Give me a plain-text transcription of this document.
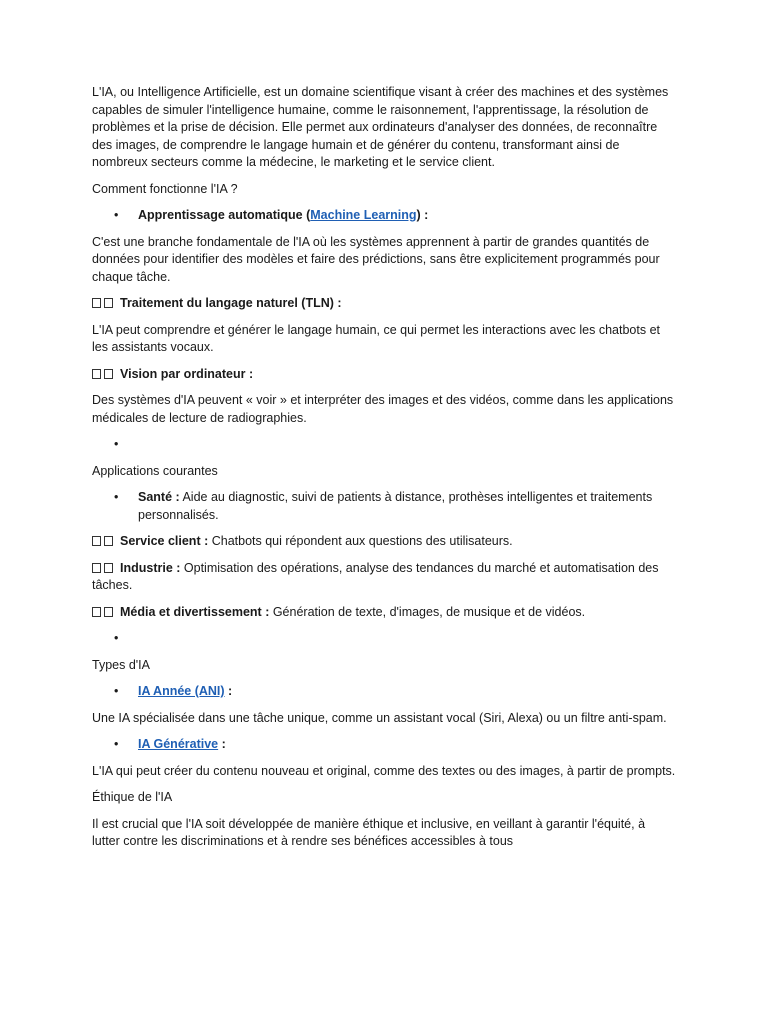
L'IA, ou Intelligence Artificielle, est un domaine scientifique visant à créer des machines et des systèmes capables de simuler l'intelligence humaine, comme le raisonnement, l'apprentissage, la résolution de problèmes et la prise de décision. Elle permet aux ordinateurs d'analyser des données, de reconnaître des images, de comprendre le langage humain et de générer du contenu, transformant ainsi de nombreux secteurs comme la médecine, le marketing et le service client.

Comment fonctionne l'IA ?

• Apprentissage automatique (Machine Learning) :

C'est une branche fondamentale de l'IA où les systèmes apprennent à partir de grandes quantités de données pour identifier des modèles et faire des prédictions, sans être explicitement programmés pour chaque tâche.

Traitement du langage naturel (TLN) :

L'IA peut comprendre et générer le langage humain, ce qui permet les interactions avec les chatbots et les assistants vocaux.

Vision par ordinateur :

Des systèmes d'IA peuvent « voir » et interpréter des images et des vidéos, comme dans les applications médicales de lecture de radiographies.

•

Applications courantes

• Santé : Aide au diagnostic, suivi de patients à distance, prothèses intelligentes et traitements personnalisés.

Service client : Chatbots qui répondent aux questions des utilisateurs.

Industrie : Optimisation des opérations, analyse des tendances du marché et automatisation des tâches.

Média et divertissement : Génération de texte, d'images, de musique et de vidéos.

•

Types d'IA

• IA Année (ANI) :

Une IA spécialisée dans une tâche unique, comme un assistant vocal (Siri, Alexa) ou un filtre anti-spam.

• IA Générative :

L'IA qui peut créer du contenu nouveau et original, comme des textes ou des images, à partir de prompts.

Éthique de l'IA

Il est crucial que l'IA soit développée de manière éthique et inclusive, en veillant à garantir l'équité, à lutter contre les discriminations et à rendre ses bénéfices accessibles à tous
